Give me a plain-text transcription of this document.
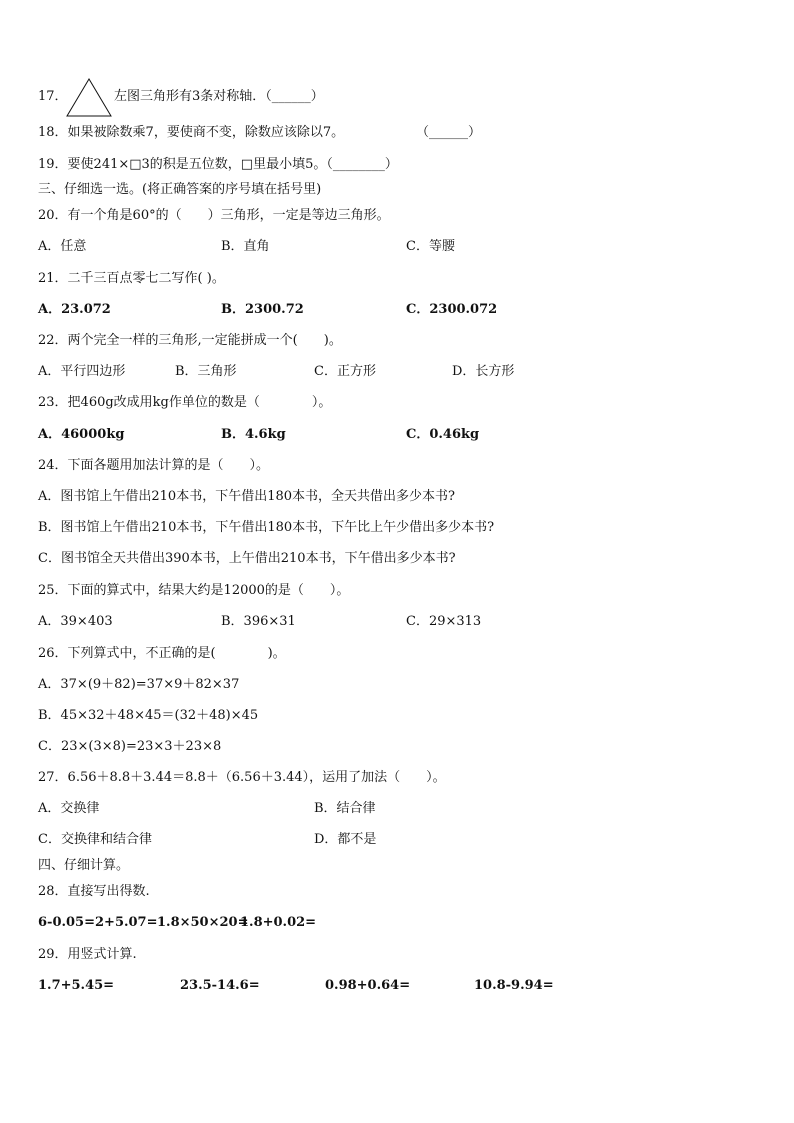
17．	左图三角形有3条对称轴．（______）
18．如果被除数乘7，要使商不变，除数应该除以7。	（______）
19．要使241×□3的积是五位数，□里最小填5。（________）
三、仔细选一选。(将正确答案的序号填在括号里)
20．有一个角是60°的（　　）三角形，一定是等边三角形。
A．任意	B．直角	C．等腰
21．二千三百点零七二写作( )。
A．23.072	B．2300.72	C．2300.072
22．两个完全一样的三角形,一定能拼成一个(　　)。
A．平行四边形	B．三角形	C．正方形	D．长方形
23．把460g改成用kg作单位的数是（　　　　）。
A．46000kg	B．4.6kg	C．0.46kg
24．下面各题用加法计算的是（　　）。
A．图书馆上午借出210本书，下午借出180本书，全天共借出多少本书?
B．图书馆上午借出210本书，下午借出180本书，下午比上午少借出多少本书?
C．图书馆全天共借出390本书，上午借出210本书，下午借出多少本书?
25．下面的算式中，结果大约是12000的是（　　）。
A．39×403	B．396×31	C．29×313
26．下列算式中，不正确的是(　　　　)。
A．37×(9＋82)=37×9＋82×37
B．45×32＋48×45＝(32＋48)×45
C．23×(3×8)=23×3＋23×8
27．6.56＋8.8＋3.44＝8.8＋（6.56＋3.44），运用了加法（　　）。
A．交换律	B．结合律
C．交换律和结合律	D．都不是
四、仔细计算。
28．直接写出得数.
6-0.05= 2+5.07= 1.8×50×20=
1.8+0.02=
29．用竖式计算.
1.7+5.45=	23.5-14.6=	0.98+0.64=	10.8-9.94=
